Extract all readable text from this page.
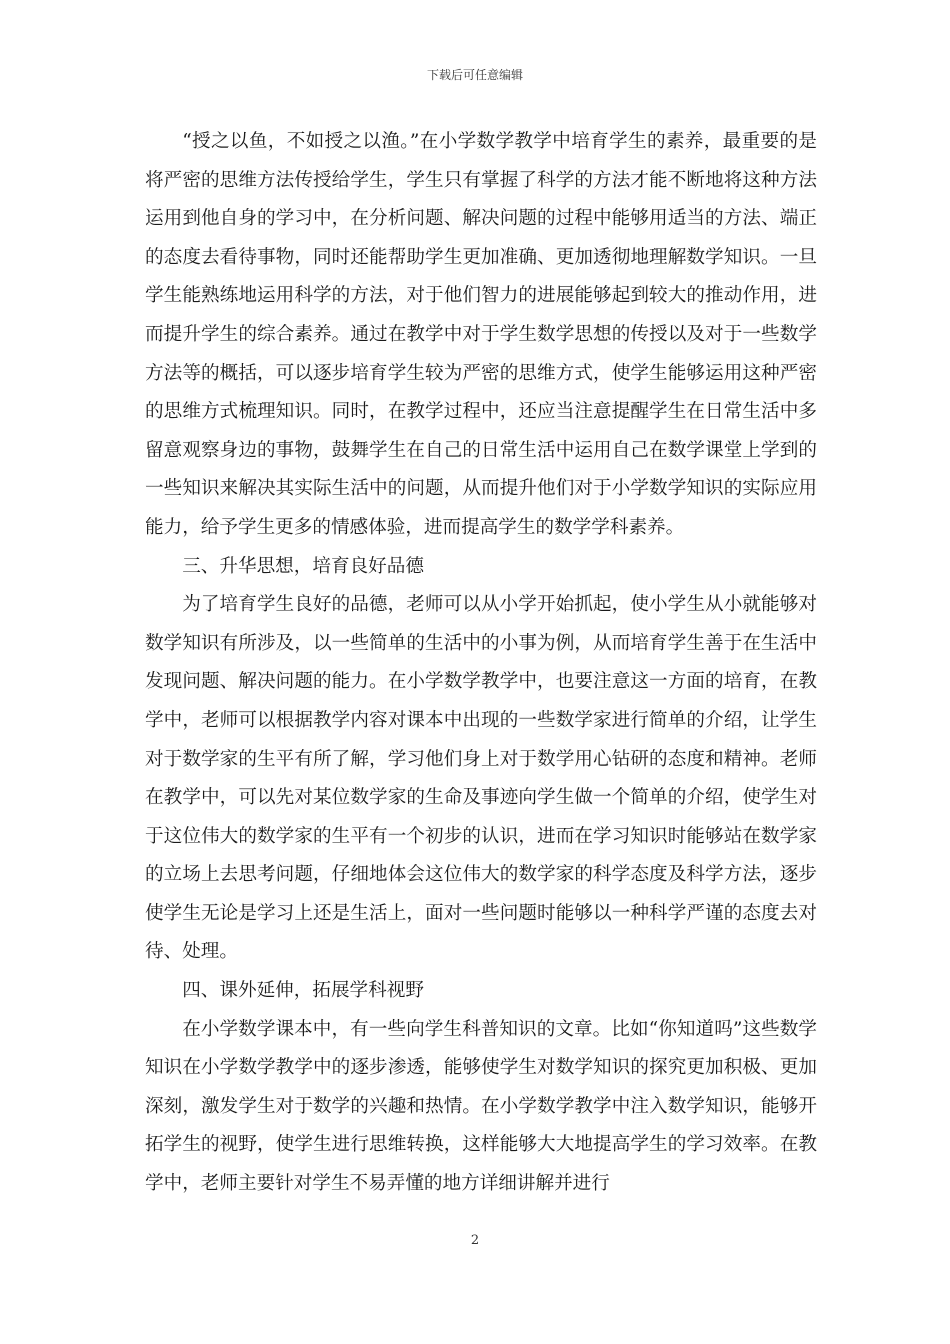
下载后可任意编辑

“授之以鱼，不如授之以渔。”在小学数学教学中培育学生的素养，最重要的是将严密的思维方法传授给学生，学生只有掌握了科学的方法才能不断地将这种方法运用到他自身的学习中，在分析问题、解决问题的过程中能够用适当的方法、端正的态度去看待事物，同时还能帮助学生更加准确、更加透彻地理解数学知识。一旦学生能熟练地运用科学的方法，对于他们智力的进展能够起到较大的推动作用，进而提升学生的综合素养。通过在教学中对于学生数学思想的传授以及对于一些数学方法等的概括，可以逐步培育学生较为严密的思维方式，使学生能够运用这种严密的思维方式梳理知识。同时，在教学过程中，还应当注意提醒学生在日常生活中多留意观察身边的事物，鼓舞学生在自己的日常生活中运用自己在数学课堂上学到的一些知识来解决其实际生活中的问题，从而提升他们对于小学数学知识的实际应用能力，给予学生更多的情感体验，进而提高学生的数学学科素养。

三、升华思想，培育良好品德

为了培育学生良好的品德，老师可以从小学开始抓起，使小学生从小就能够对数学知识有所涉及，以一些简单的生活中的小事为例，从而培育学生善于在生活中发现问题、解决问题的能力。在小学数学教学中，也要注意这一方面的培育，在教学中，老师可以根据教学内容对课本中出现的一些数学家进行简单的介绍，让学生对于数学家的生平有所了解，学习他们身上对于数学用心钻研的态度和精神。老师在教学中，可以先对某位数学家的生命及事迹向学生做一个简单的介绍，使学生对于这位伟大的数学家的生平有一个初步的认识，进而在学习知识时能够站在数学家的立场上去思考问题，仔细地体会这位伟大的数学家的科学态度及科学方法，逐步使学生无论是学习上还是生活上，面对一些问题时能够以一种科学严谨的态度去对待、处理。

四、课外延伸，拓展学科视野

在小学数学课本中，有一些向学生科普知识的文章。比如“你知道吗”这些数学知识在小学数学教学中的逐步渗透，能够使学生对数学知识的探究更加积极、更加深刻，激发学生对于数学的兴趣和热情。在小学数学教学中注入数学知识，能够开拓学生的视野，使学生进行思维转换，这样能够大大地提高学生的学习效率。在教学中，老师主要针对学生不易弄懂的地方详细讲解并进行

2
